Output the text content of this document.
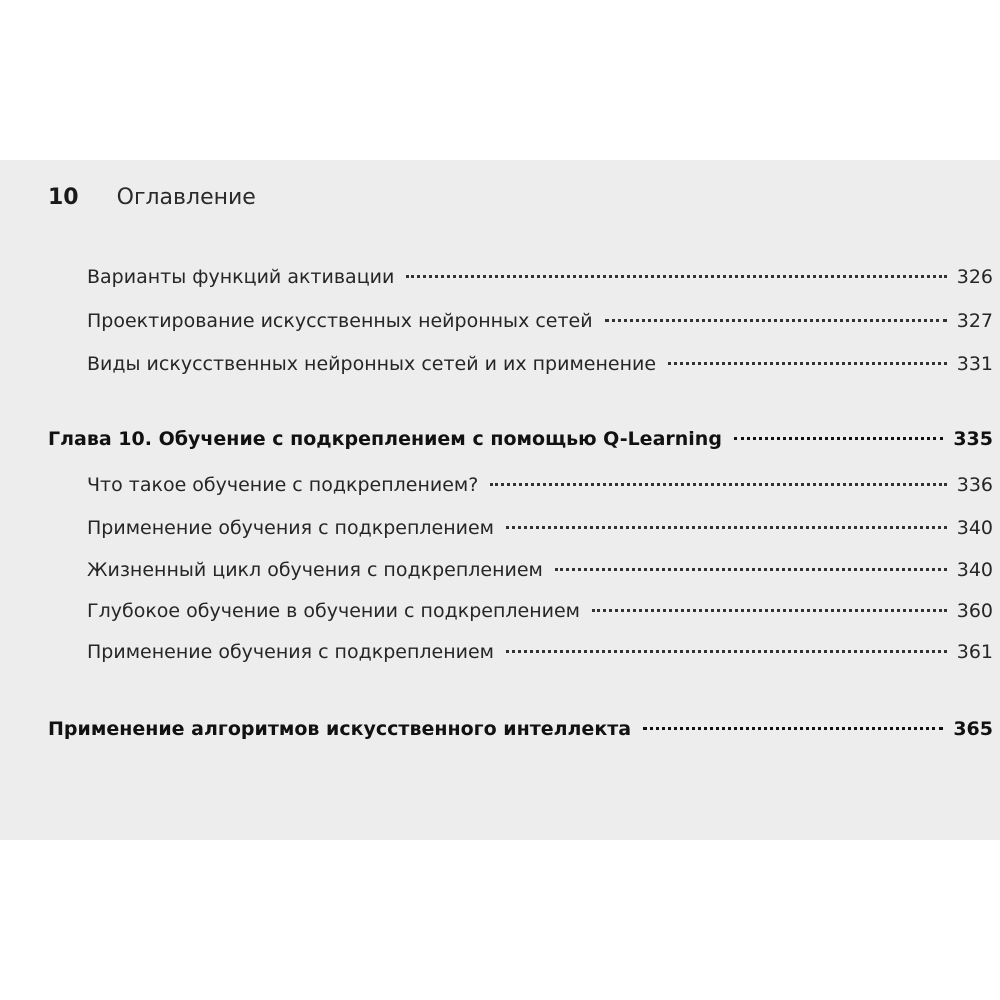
10 Оглавление
Варианты функций активации	326
Проектирование искусственных нейронных сетей	327
Виды искусственных нейронных сетей и их применение	331
Глава 10. Обучение с подкреплением с помощью Q-Learning	335
Что такое обучение с подкреплением?	336
Применение обучения с подкреплением	340
Жизненный цикл обучения с подкреплением	340
Глубокое обучение в обучении с подкреплением	360
Применение обучения с подкреплением	361
Применение алгоритмов искусственного интеллекта	365
